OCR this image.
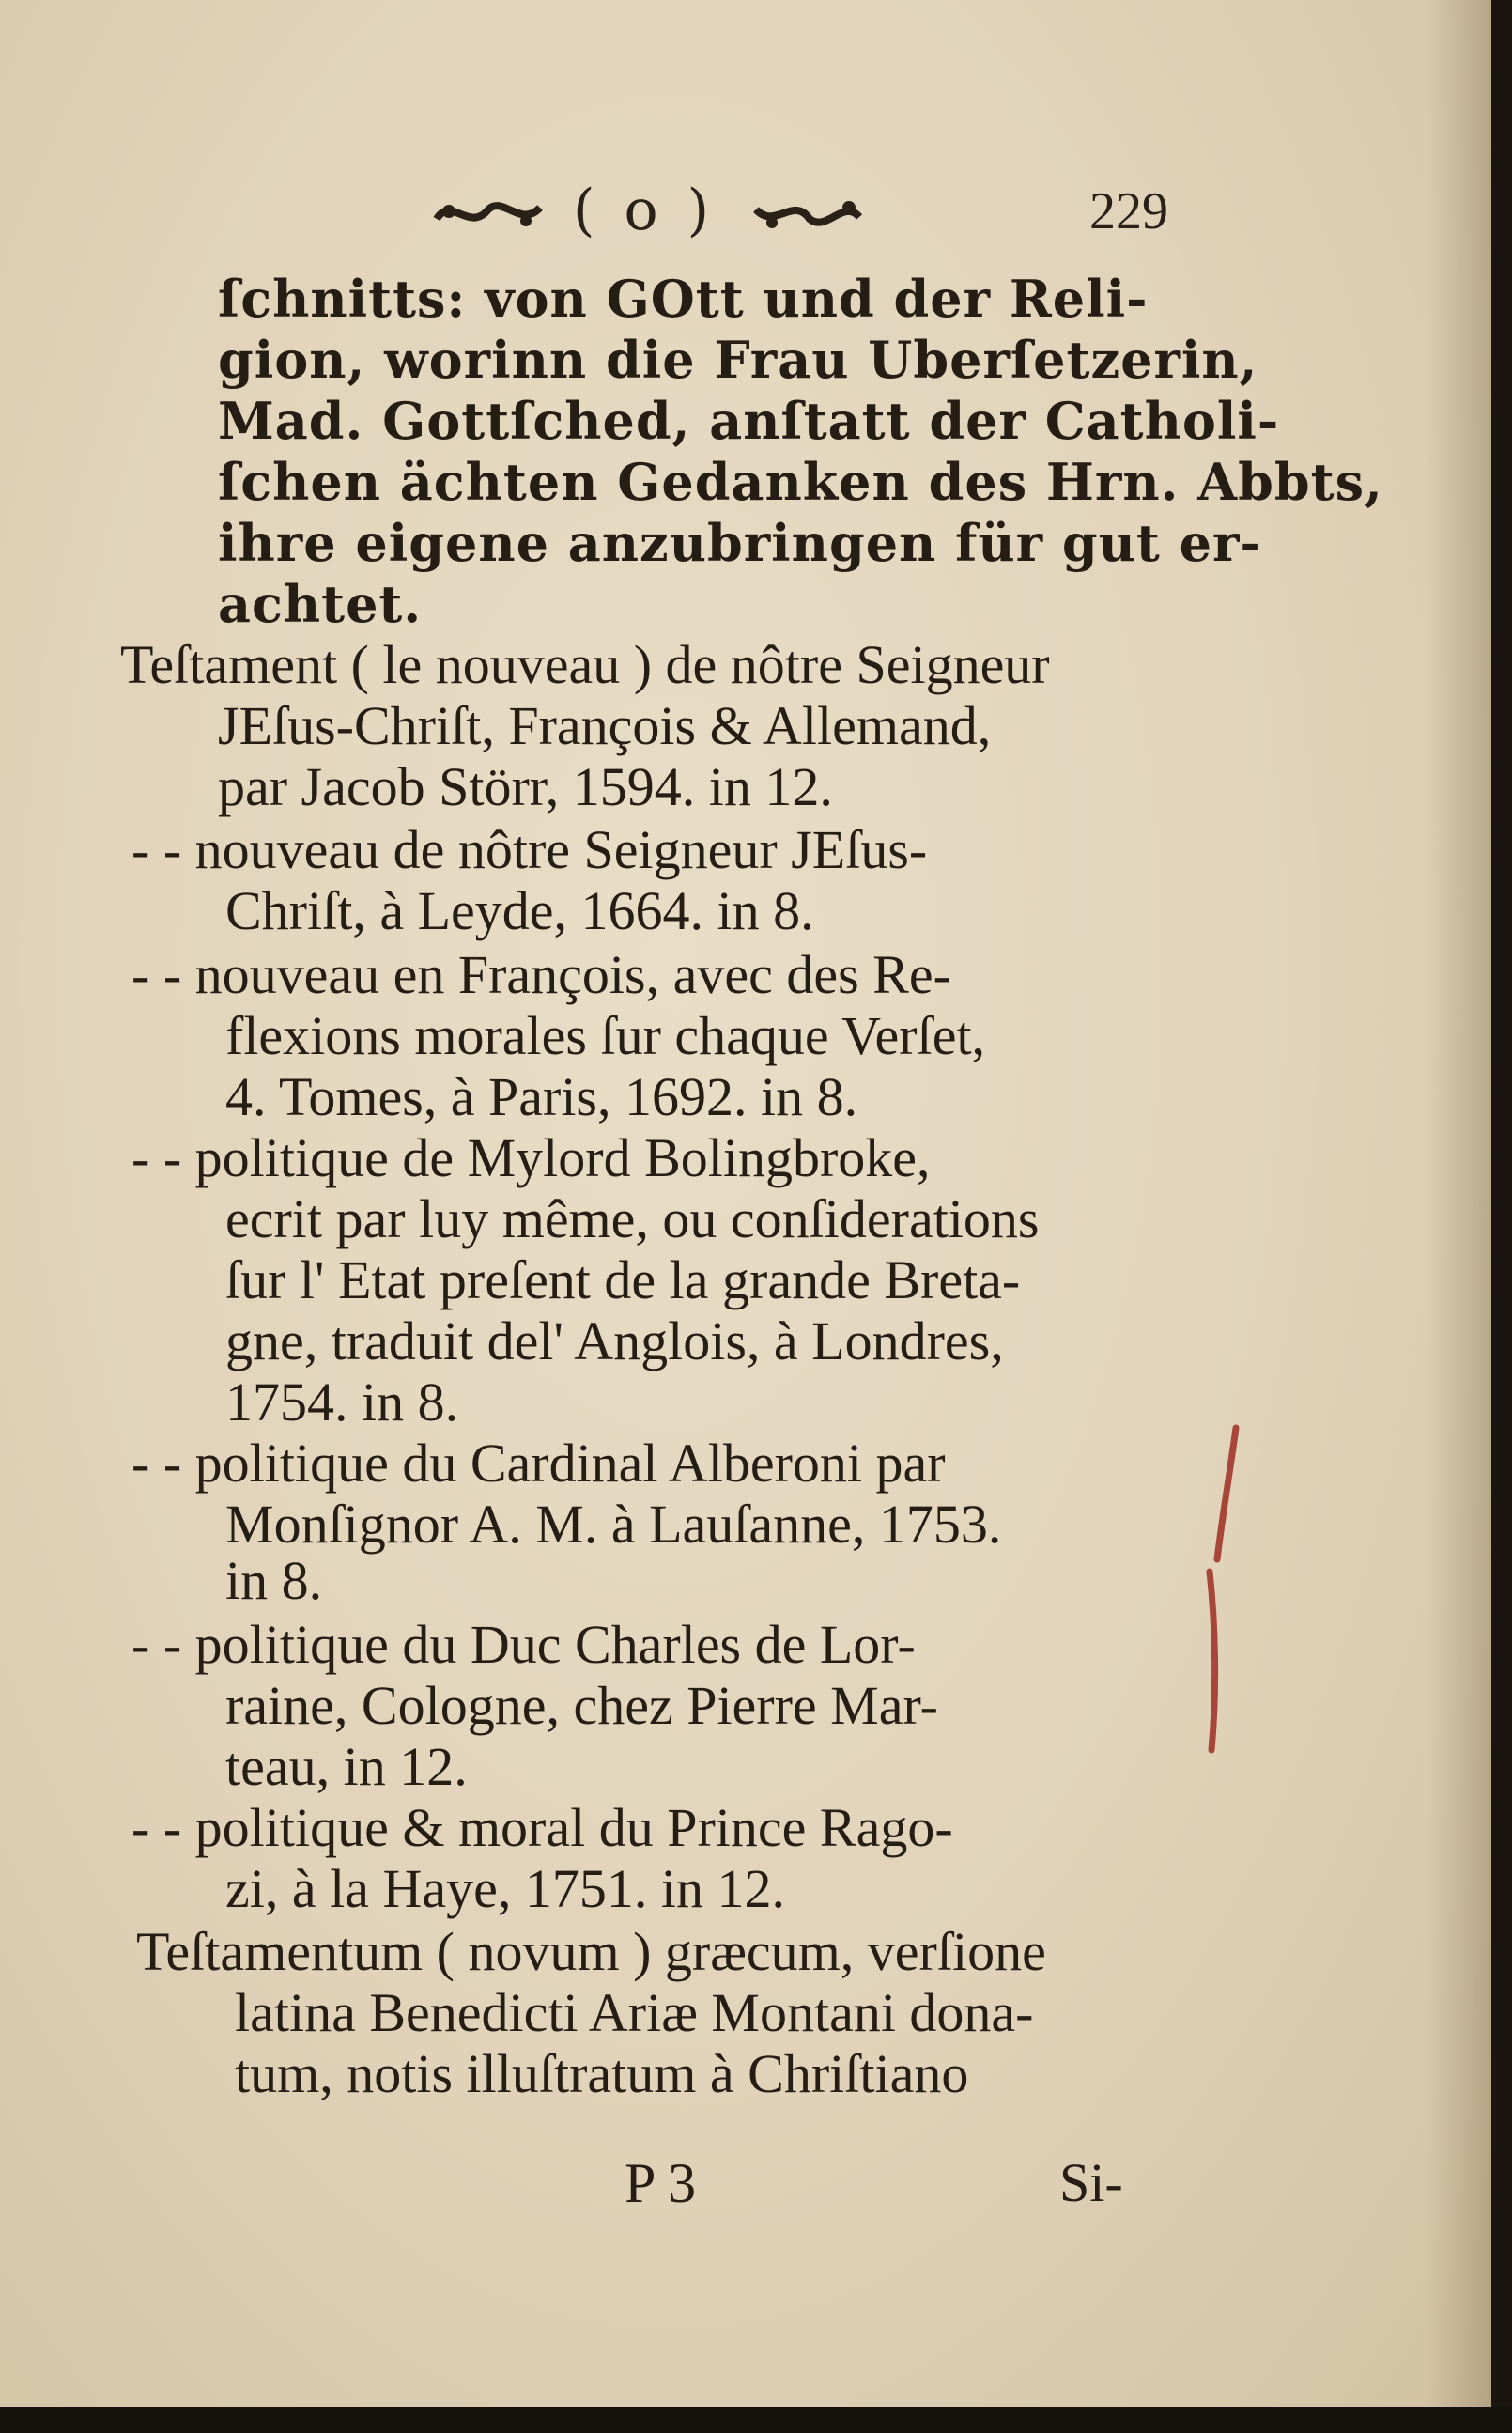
( o )	229
ſchnitts: von GOtt und der Reli-
gion, worinn die Frau Uberſetzerin,
Mad. Gottſched, anſtatt der Catholi-
ſchen ächten Gedanken des Hrn. Abbts,
ihre eigene anzubringen für gut er-
achtet.
Teſtament ( le nouveau ) de nôtre Seigneur
JEſus-Chriſt, François & Allemand,
par Jacob Störr, 1594. in 12.
- - nouveau de nôtre Seigneur JEſus-
Chriſt, à Leyde, 1664. in 8.
- - nouveau en François, avec des Re-
flexions morales ſur chaque Verſet,
4. Tomes, à Paris, 1692. in 8.
- - politique de Mylord Bolingbroke,
ecrit par luy même, ou conſiderations
ſur l' Etat preſent de la grande Breta-
gne, traduit del' Anglois, à Londres,
1754. in 8.
- - politique du Cardinal Alberoni par
Monſignor A. M. à Lauſanne, 1753.
in 8.
- - politique du Duc Charles de Lor-
raine, Cologne, chez Pierre Mar-
teau, in 12.
- - politique & moral du Prince Rago-
zi, à la Haye, 1751. in 12.
Teſtamentum ( novum ) græcum, verſione
latina Benedicti Ariæ Montani dona-
tum, notis illuſtratum à Chriſtiano
P 3	Si-
